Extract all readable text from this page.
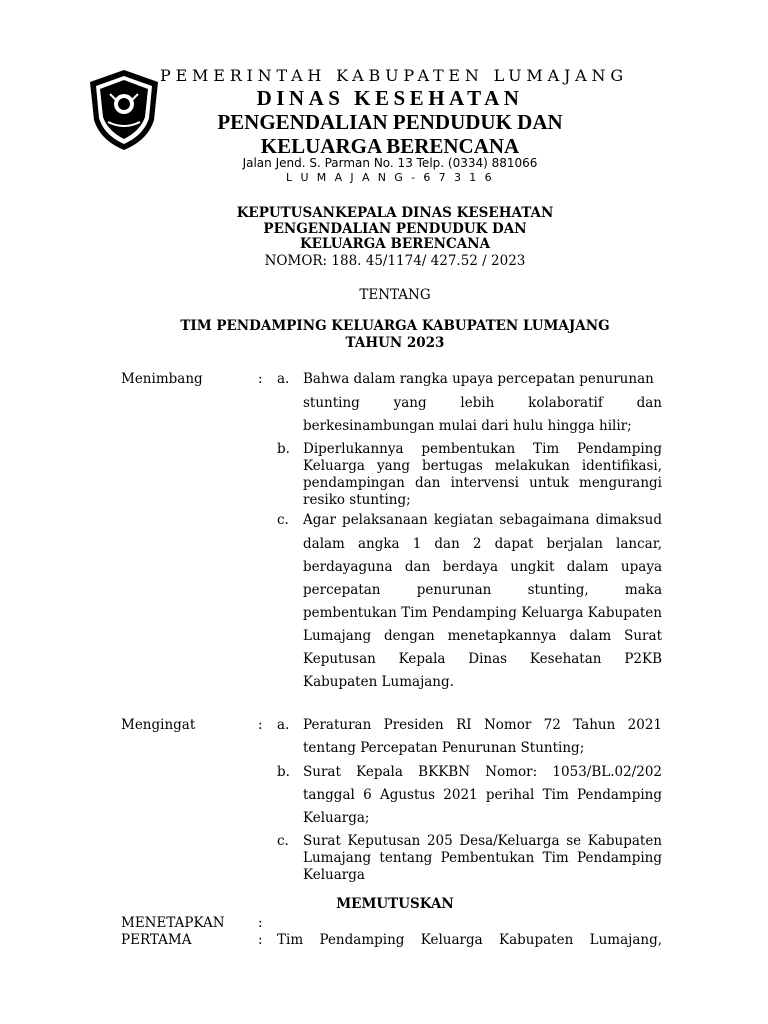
PEMERINTAH KABUPATEN LUMAJANG
DINAS KESEHATAN
PENGENDALIAN PENDUDUK DAN
KELUARGA BERENCANA
Jalan Jend. S. Parman No. 13 Telp. (0334) 881066
L U M A J A N G - 6 7 3 1 6
KEPUTUSANKEPALA DINAS KESEHATAN
PENGENDALIAN PENDUDUK DAN
KELUARGA BERENCANA
NOMOR: 188. 45/1174/ 427.52 / 2023
TENTANG
TIM PENDAMPING KELUARGA KABUPATEN LUMAJANG
TAHUN 2023
Menimbang	: a. Bahwa dalam rangka upaya percepatan penurunan
stunting yang lebih kolaboratif dan
berkesinambungan mulai dari hulu hingga hilir;
b. Diperlukannya pembentukan Tim Pendamping
Keluarga yang bertugas melakukan identifikasi,
pendampingan dan intervensi untuk mengurangi
resiko stunting;
c. Agar pelaksanaan kegiatan sebagaimana dimaksud
dalam angka 1 dan 2 dapat berjalan lancar,
berdayaguna dan berdaya ungkit dalam upaya
percepatan penurunan stunting, maka
pembentukan Tim Pendamping Keluarga Kabupaten
Lumajang dengan menetapkannya dalam Surat
Keputusan Kepala Dinas Kesehatan P2KB
Kabupaten Lumajang.
Mengingat	: a. Peraturan Presiden RI Nomor 72 Tahun 2021
tentang Percepatan Penurunan Stunting;
b. Surat Kepala BKKBN Nomor: 1053/BL.02/202
tanggal 6 Agustus 2021 perihal Tim Pendamping
Keluarga;
c. Surat Keputusan 205 Desa/Keluarga se Kabupaten
Lumajang tentang Pembentukan Tim Pendamping
Keluarga
MEMUTUSKAN
MENETAPKAN :
PERTAMA	: Tim Pendamping Keluarga Kabupaten Lumajang,
